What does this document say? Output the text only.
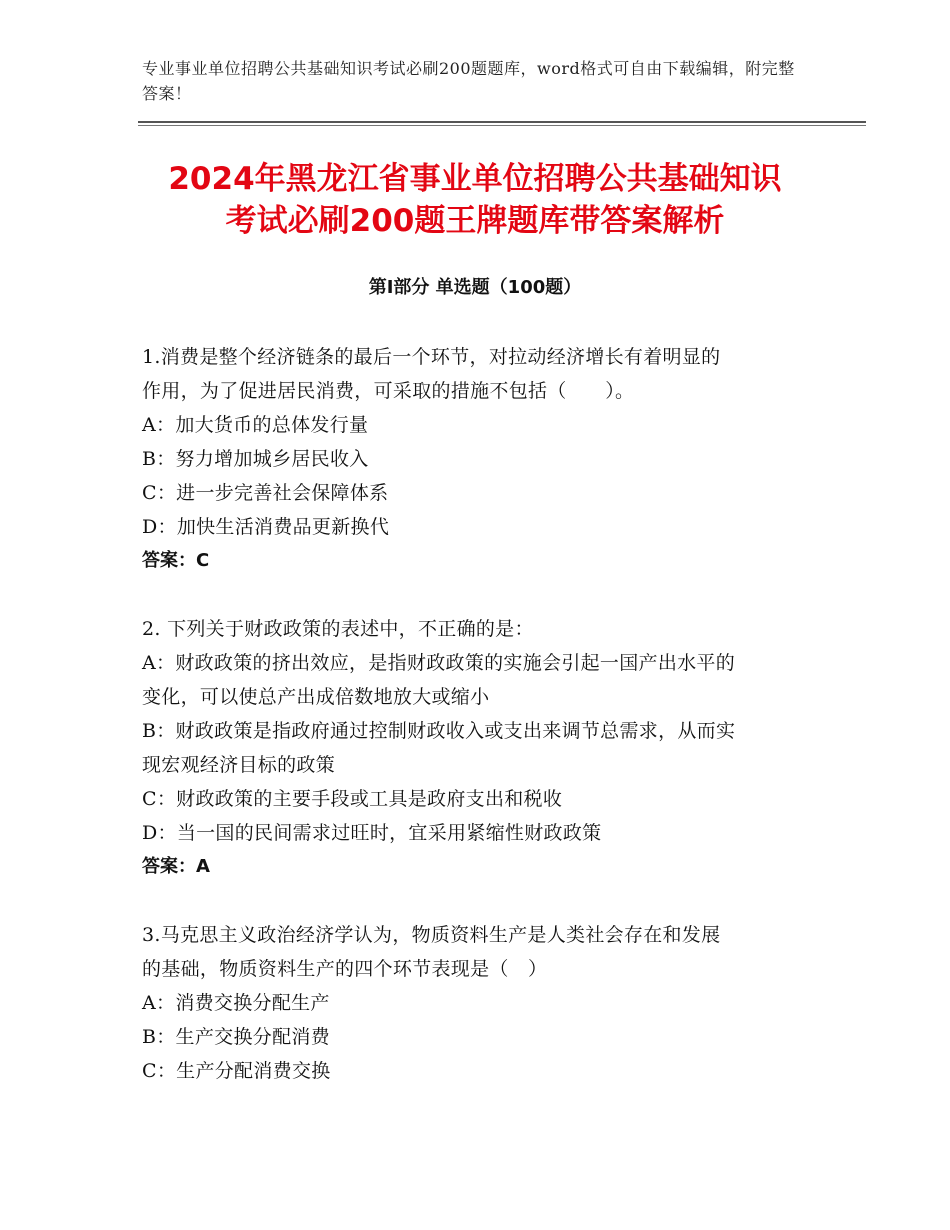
专业事业单位招聘公共基础知识考试必刷200题题库，word格式可自由下载编辑，附完整答案！
2024年黑龙江省事业单位招聘公共基础知识
考试必刷200题王牌题库带答案解析
第Ⅰ部分 单选题（100题）
1.消费是整个经济链条的最后一个环节，对拉动经济增长有着明显的
作用，为了促进居民消费，可采取的措施不包括（　　）。
A：加大货币的总体发行量
B：努力增加城乡居民收入
C：进一步完善社会保障体系
D：加快生活消费品更新换代
答案：C
2. 下列关于财政政策的表述中，不正确的是：
A：财政政策的挤出效应，是指财政政策的实施会引起一国产出水平的
变化，可以使总产出成倍数地放大或缩小
B：财政政策是指政府通过控制财政收入或支出来调节总需求，从而实
现宏观经济目标的政策
C：财政政策的主要手段或工具是政府支出和税收
D：当一国的民间需求过旺时，宜采用紧缩性财政政策
答案：A
3.马克思主义政治经济学认为，物质资料生产是人类社会存在和发展
的基础，物质资料生产的四个环节表现是（　）
A：消费交换分配生产
B：生产交换分配消费
C：生产分配消费交换
